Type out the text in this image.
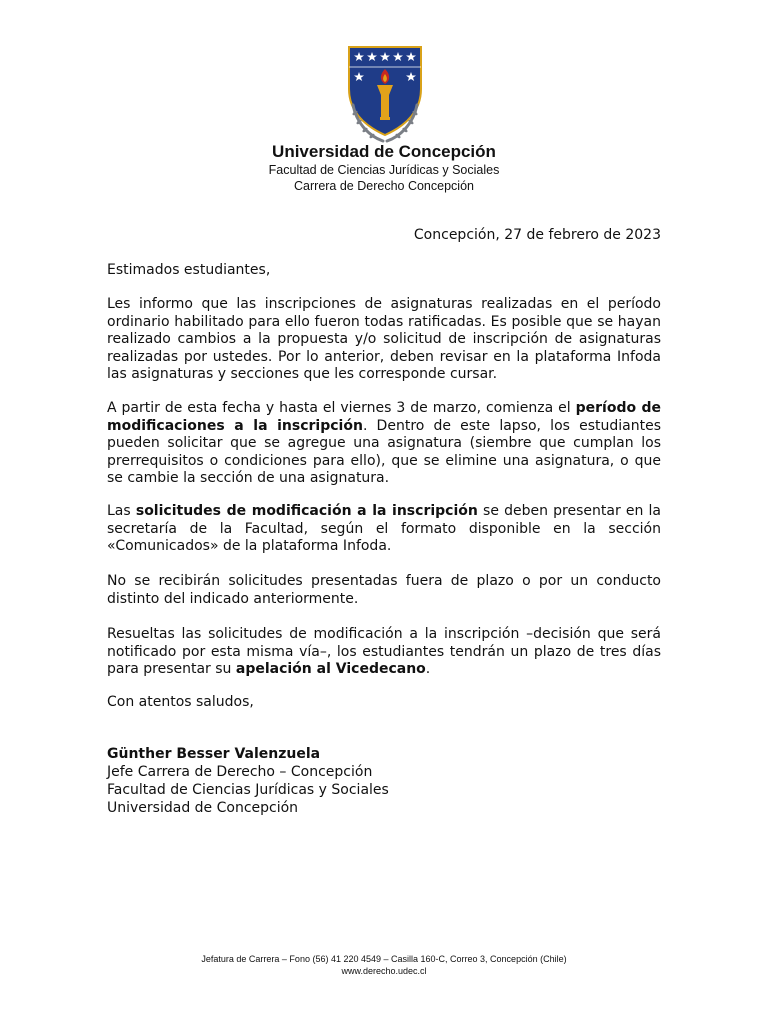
Universidad de Concepción
Facultad de Ciencias Jurídicas y Sociales
Carrera de Derecho Concepción
Concepción, 27 de febrero de 2023
Estimados estudiantes,
Les informo que las inscripciones de asignaturas realizadas en el período ordinario habilitado para ello fueron todas ratificadas. Es posible que se hayan realizado cambios a la propuesta y/o solicitud de inscripción de asignaturas realizadas por ustedes. Por lo anterior, deben revisar en la plataforma Infoda las asignaturas y secciones que les corresponde cursar.
A partir de esta fecha y hasta el viernes 3 de marzo, comienza el período de modificaciones a la inscripción. Dentro de este lapso, los estudiantes pueden solicitar que se agregue una asignatura (siembre que cumplan los prerrequisitos o condiciones para ello), que se elimine una asignatura, o que se cambie la sección de una asignatura.
Las solicitudes de modificación a la inscripción se deben presentar en la secretaría de la Facultad, según el formato disponible en la sección «Comunicados» de la plataforma Infoda.
No se recibirán solicitudes presentadas fuera de plazo o por un conducto distinto del indicado anteriormente.
Resueltas las solicitudes de modificación a la inscripción –decisión que será notificado por esta misma vía–, los estudiantes tendrán un plazo de tres días para presentar su apelación al Vicedecano.
Con atentos saludos,
Günther Besser Valenzuela
Jefe Carrera de Derecho – Concepción
Facultad de Ciencias Jurídicas y Sociales
Universidad de Concepción
Jefatura de Carrera – Fono (56) 41 220 4549 – Casilla 160-C, Correo 3, Concepción (Chile)
www.derecho.udec.cl
